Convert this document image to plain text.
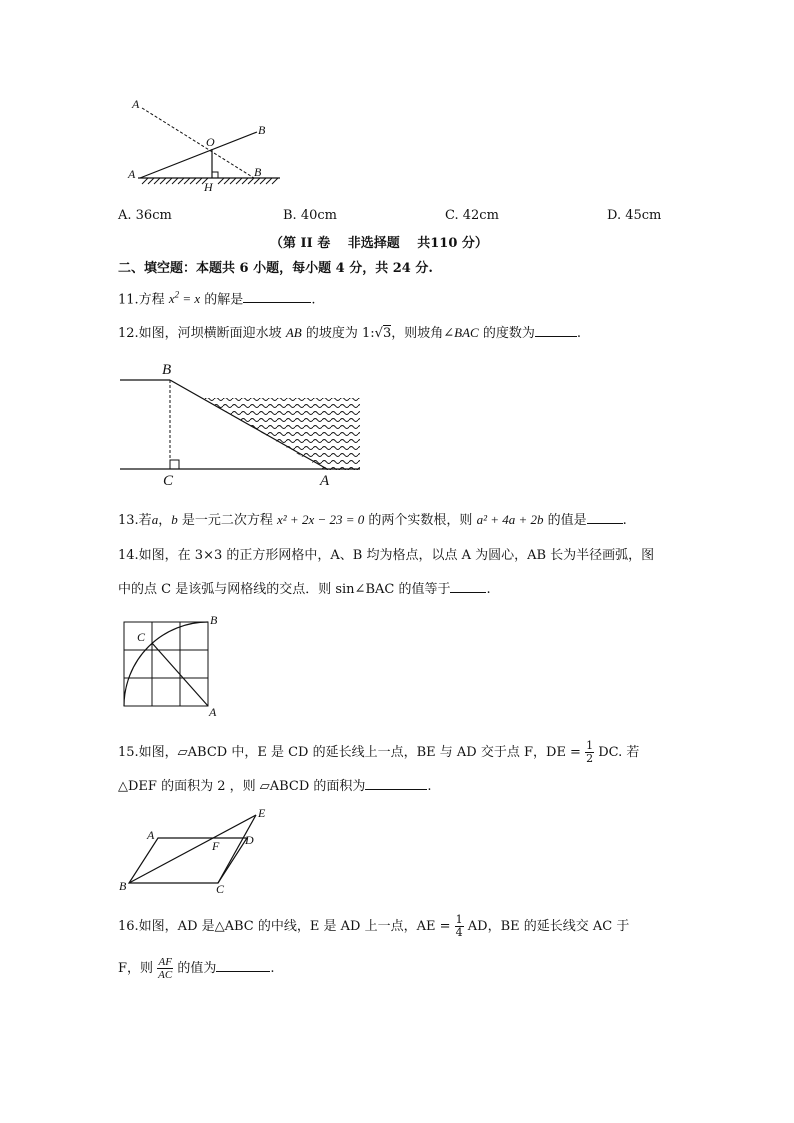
A
O
B
A	B
H
A. 36cm	B. 40cm	C. 42cm	D. 45cm
（第 II 卷　 非选择题　 共110 分）
二、填空题：本题共 6 小题，每小题 4 分，共 24 分.
11.方程 $x^2 = x$ 的解是	.
12.如图，河坝横断面迎水坡 AB 的坡度为 1:√3，则坡角∠BAC 的度数为	.
B
C	A
13.若a，b 是一元二次方程 x² + 2x − 23 = 0 的两个实数根，则 a² + 4a + 2b 的值是	.
14.如图，在 3×3 的正方形网格中，A、B 均为格点，以点 A 为圆心，AB 长为半径画弧，图
中的点 C 是该弧与网格线的交点．则 sin∠BAC 的值等于	.
B
C
A
15.如图，▱ABCD 中，E 是 CD 的延长线上一点，BE 与 AD 交于点 F，DE = $\frac{1}{2}$ DC. 若
△DEF 的面积为 2 ，则 ▱ABCD 的面积为	.
A
E
D
F
B	C
16.如图，AD 是△ABC 的中线，E 是 AD 上一点，AE = $\frac{1}{4}$ AD，BE 的延长线交 AC 于
F，则 $\frac{AF}{AC}$ 的值为	.
